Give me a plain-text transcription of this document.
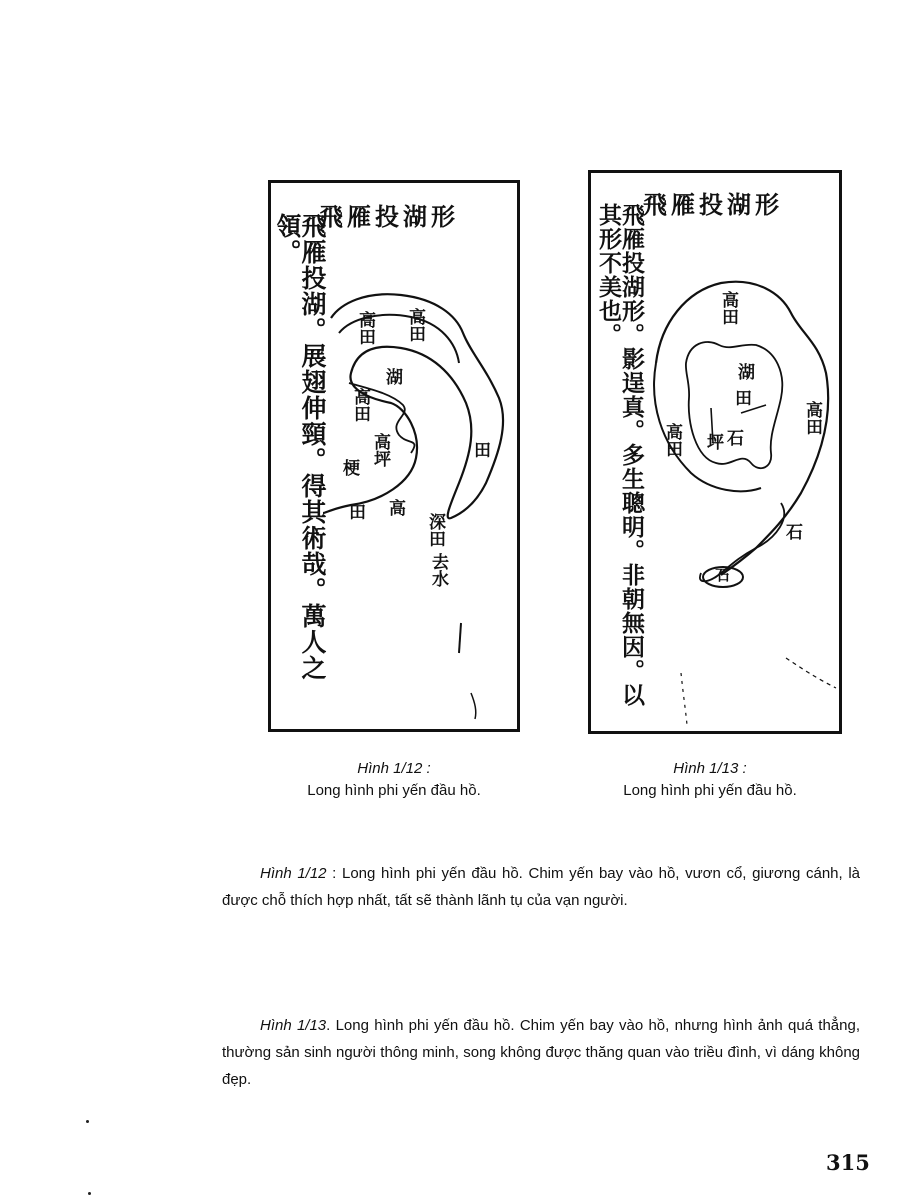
飛雁投湖形
飛雁投湖。展翅伸頸。得其術哉。萬人之領。
高田
高田
湖
高田
高坪
梗
田 高
深田
去水
田
飛雁投湖形
飛雁投湖形。影逞真。多生聰明。非朝無因。以其形不美也。	高田
湖
田
高田 坪 石
高田
石
石
Hình 1/12 :
Long hình phi yến đầu hồ.
Hình 1/13 :
Long hình phi yến đầu hồ.

Hình 1/12 : Long hình phi yến đầu hồ. Chim yến bay vào hồ, vươn cổ, giương cánh, là được chỗ thích hợp nhất, tất sẽ thành lãnh tụ của vạn người.

Hình 1/13. Long hình phi yến đầu hồ. Chim yến bay vào hồ, nhưng hình ảnh quá thẳng, thường sản sinh người thông minh, song không được thăng quan vào triều đình, vì dáng không đẹp.

315
